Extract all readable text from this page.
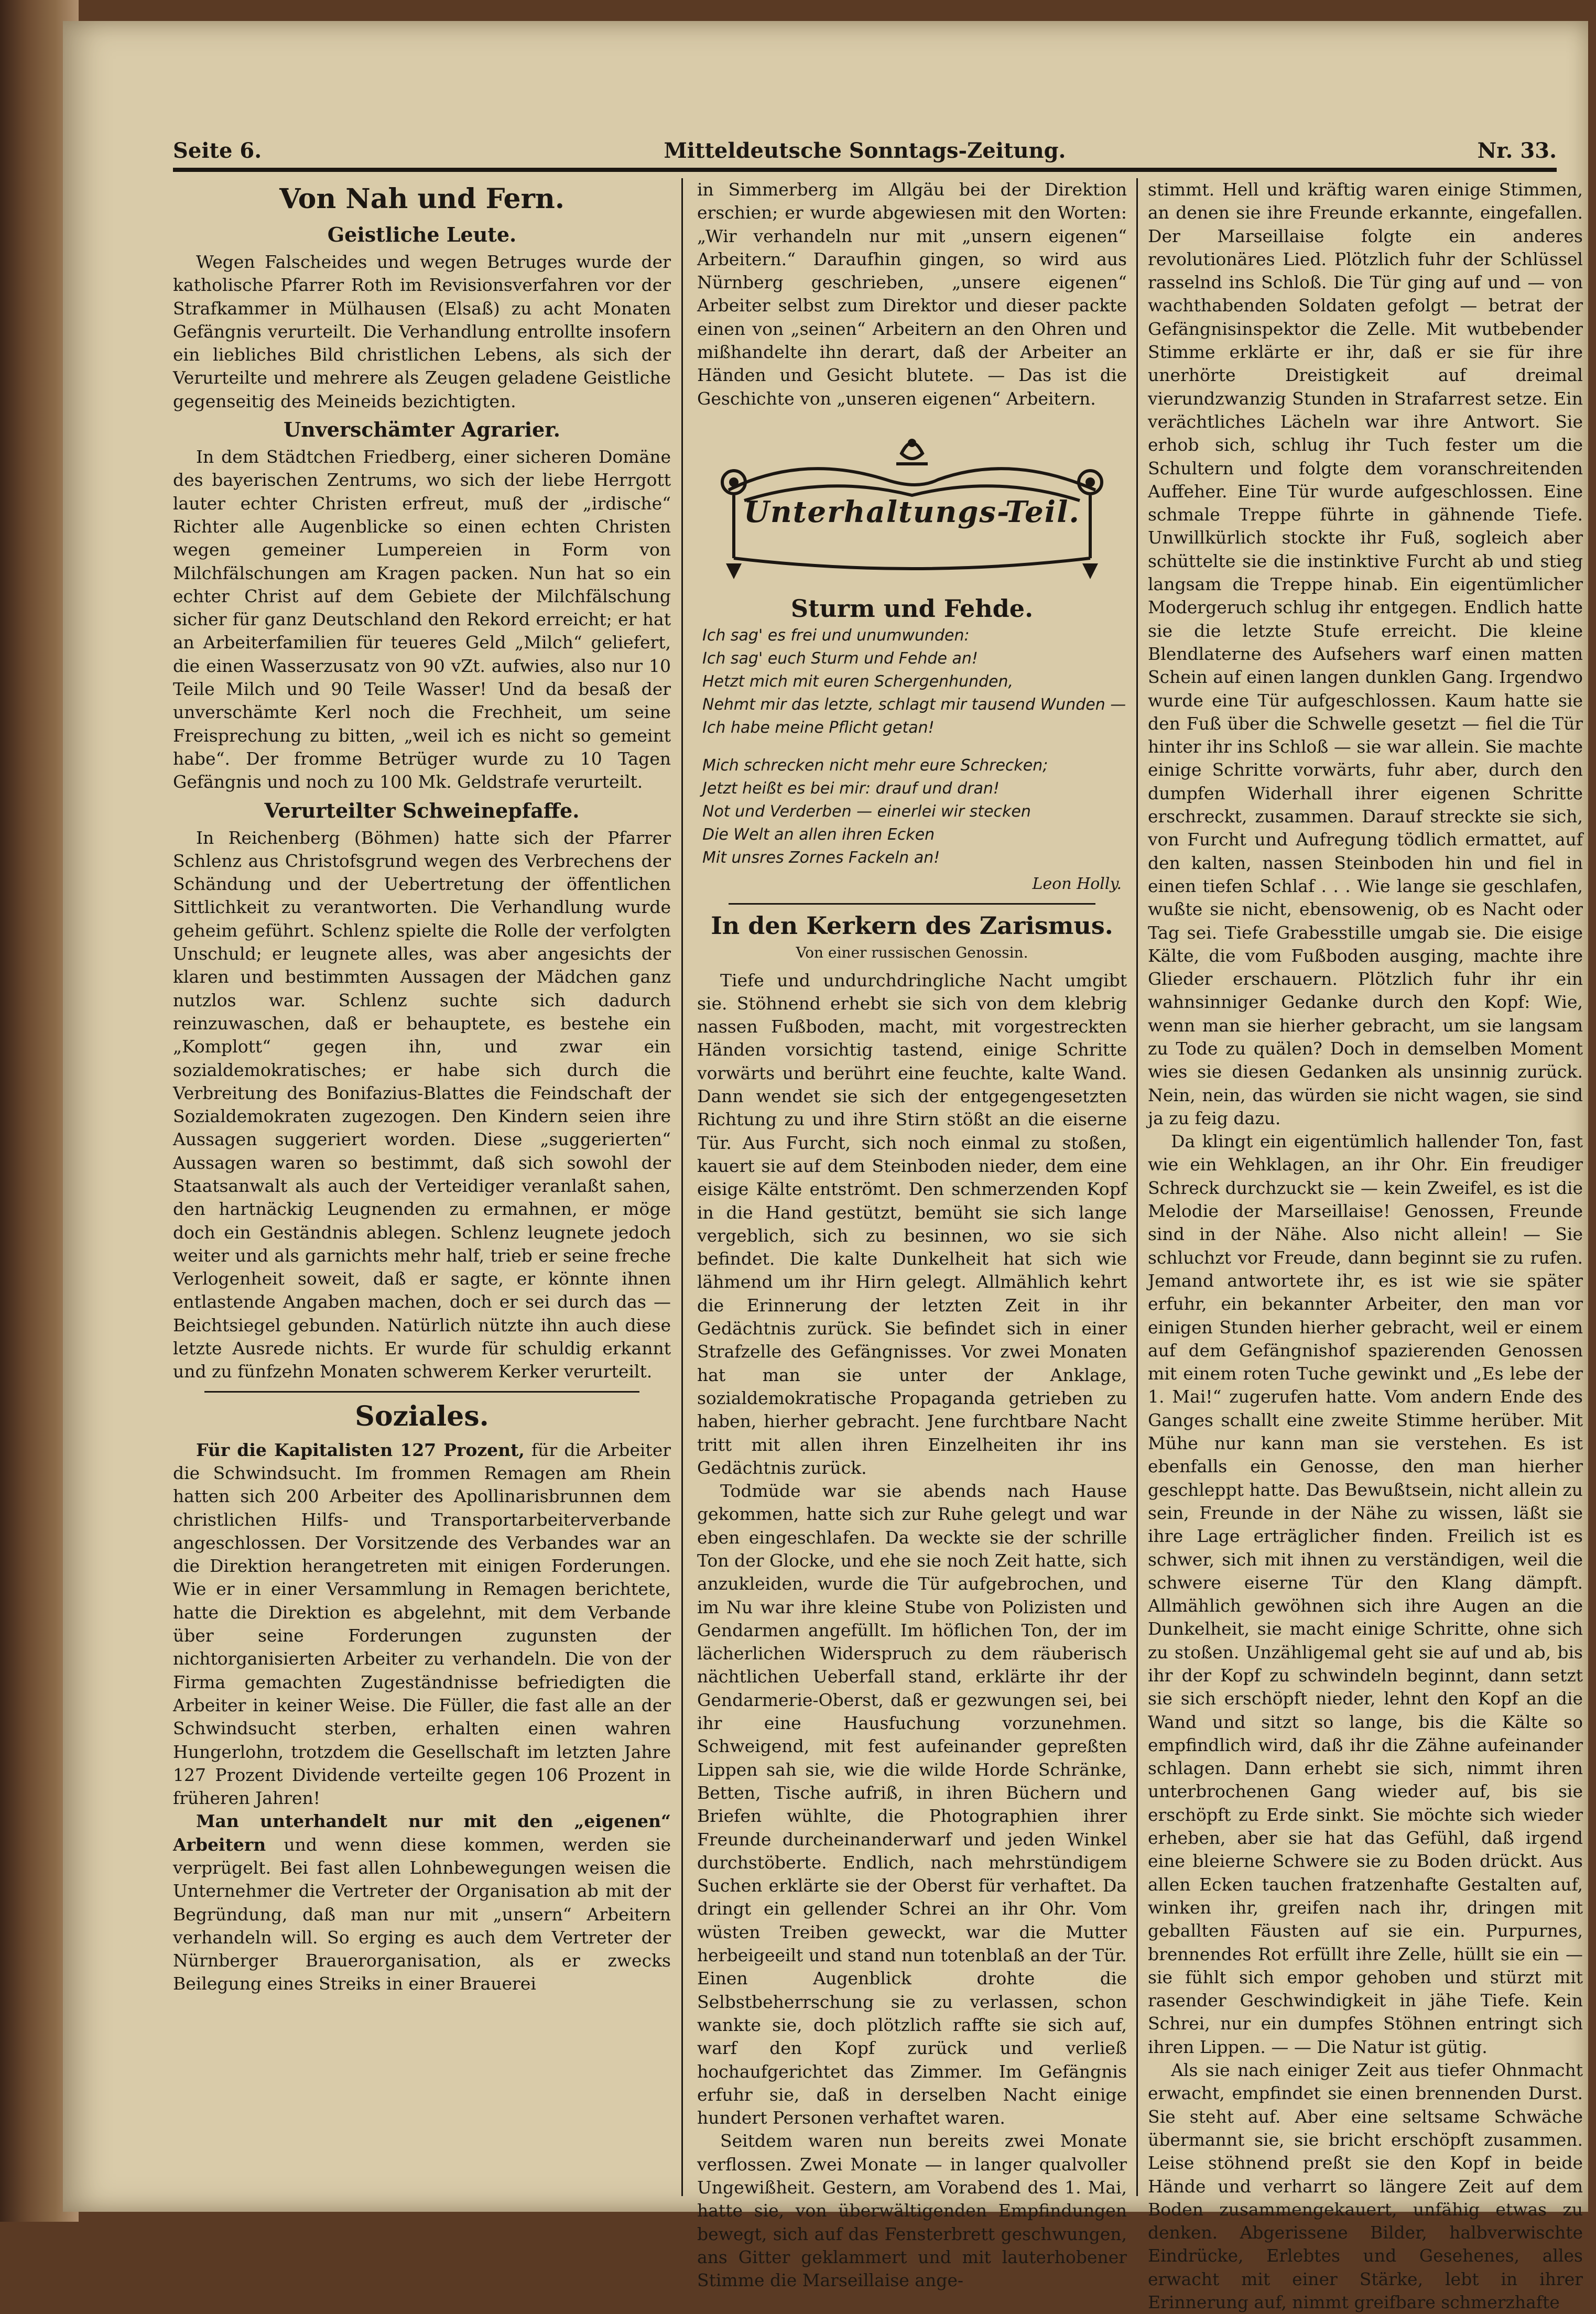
Seite 6.	Mitteldeutsche Sonntags-Zeitung.	Nr. 33.
Von Nah und Fern.
Geistliche Leute.

Wegen Falscheides und wegen Betruges wurde der katholische Pfarrer Roth im Revisionsverfahren vor der Strafkammer in Mülhausen (Elsaß) zu acht Monaten Gefängnis verurteilt. Die Verhandlung entrollte insofern ein liebliches Bild christlichen Lebens, als sich der Verurteilte und mehrere als Zeugen geladene Geistliche gegenseitig des Meineids bezichtigten.

Unverschämter Agrarier.

In dem Städtchen Friedberg, einer sicheren Domäne des bayerischen Zentrums, wo sich der liebe Herrgott lauter echter Christen erfreut, muß der „irdische“ Richter alle Augenblicke so einen echten Christen wegen gemeiner Lumpereien in Form von Milchfälschungen am Kragen packen. Nun hat so ein echter Christ auf dem Gebiete der Milchfälschung sicher für ganz Deutschland den Rekord erreicht; er hat an Arbeiterfamilien für teueres Geld „Milch“ geliefert, die einen Wasserzusatz von 90 vZt. aufwies, also nur 10 Teile Milch und 90 Teile Wasser! Und da besaß der unverschämte Kerl noch die Frechheit, um seine Freisprechung zu bitten, „weil ich es nicht so gemeint habe“. Der fromme Betrüger wurde zu 10 Tagen Gefängnis und noch zu 100 Mk. Geldstrafe verurteilt.

Verurteilter Schweinepfaffe.

In Reichenberg (Böhmen) hatte sich der Pfarrer Schlenz aus Christofsgrund wegen des Verbrechens der Schändung und der Uebertretung der öffentlichen Sittlichkeit zu verantworten. Die Verhandlung wurde geheim geführt. Schlenz spielte die Rolle der verfolgten Unschuld; er leugnete alles, was aber angesichts der klaren und bestimmten Aussagen der Mädchen ganz nutzlos war. Schlenz suchte sich dadurch reinzuwaschen, daß er behauptete, es bestehe ein „Komplott“ gegen ihn, und zwar ein sozialdemokratisches; er habe sich durch die Verbreitung des Bonifazius-Blattes die Feindschaft der Sozialdemokraten zugezogen. Den Kindern seien ihre Aussagen suggeriert worden. Diese „suggerierten“ Aussagen waren so bestimmt, daß sich sowohl der Staatsanwalt als auch der Verteidiger veranlaßt sahen, den hartnäckig Leugnenden zu ermahnen, er möge doch ein Geständnis ablegen. Schlenz leugnete jedoch weiter und als garnichts mehr half, trieb er seine freche Verlogenheit soweit, daß er sagte, er könnte ihnen entlastende Angaben machen, doch er sei durch das — Beichtsiegel gebunden. Natürlich nützte ihn auch diese letzte Ausrede nichts. Er wurde für schuldig erkannt und zu fünfzehn Monaten schwerem Kerker verurteilt.

Soziales.

Für die Kapitalisten 127 Prozent, für die Arbeiter die Schwindsucht. Im frommen Remagen am Rhein hatten sich 200 Arbeiter des Apollinarisbrunnen dem christlichen Hilfs- und Transportarbeiterverbande angeschlossen. Der Vorsitzende des Verbandes war an die Direktion herangetreten mit einigen Forderungen. Wie er in einer Versammlung in Remagen berichtete, hatte die Direktion es abgelehnt, mit dem Verbande über seine Forderungen zugunsten der nichtorganisierten Arbeiter zu verhandeln. Die von der Firma gemachten Zugeständnisse befriedigten die Arbeiter in keiner Weise. Die Füller, die fast alle an der Schwindsucht sterben, erhalten einen wahren Hungerlohn, trotzdem die Gesellschaft im letzten Jahre 127 Prozent Dividende verteilte gegen 106 Prozent in früheren Jahren!

Man unterhandelt nur mit den „eigenen“ Arbeitern und wenn diese kommen, werden sie verprügelt. Bei fast allen Lohnbewegungen weisen die Unternehmer die Vertreter der Organisation ab mit der Begründung, daß man nur mit „unsern“ Arbeitern verhandeln will. So erging es auch dem Vertreter der Nürnberger Brauerorganisation, als er zwecks Beilegung eines Streiks in einer Brauerei

in Simmerberg im Allgäu bei der Direktion erschien; er wurde abgewiesen mit den Worten: „Wir verhandeln nur mit „unsern eigenen“ Arbeitern.“ Daraufhin gingen, so wird aus Nürnberg geschrieben, „unsere eigenen“ Arbeiter selbst zum Direktor und dieser packte einen von „seinen“ Arbeitern an den Ohren und mißhandelte ihn derart, daß der Arbeiter an Händen und Gesicht blutete. — Das ist die Geschichte von „unseren eigenen“ Arbeitern.

Unterhaltungs-Teil.
Sturm und Fehde.
Ich sag' es frei und unumwunden:
Ich sag' euch Sturm und Fehde an!
Hetzt mich mit euren Schergenhunden,
Nehmt mir das letzte, schlagt mir tausend Wunden —
Ich habe meine Pflicht getan!
Mich schrecken nicht mehr eure Schrecken;
Jetzt heißt es bei mir: drauf und dran!
Not und Verderben — einerlei wir stecken
Die Welt an allen ihren Ecken
Mit unsres Zornes Fackeln an!
Leon Holly.
In den Kerkern des Zarismus.
Von einer russischen Genossin.

Tiefe und undurchdringliche Nacht umgibt sie. Stöhnend erhebt sie sich von dem klebrig nassen Fußboden, macht, mit vorgestreckten Händen vorsichtig tastend, einige Schritte vorwärts und berührt eine feuchte, kalte Wand. Dann wendet sie sich der entgegengesetzten Richtung zu und ihre Stirn stößt an die eiserne Tür. Aus Furcht, sich noch einmal zu stoßen, kauert sie auf dem Steinboden nieder, dem eine eisige Kälte entströmt. Den schmerzenden Kopf in die Hand gestützt, bemüht sie sich lange vergeblich, sich zu besinnen, wo sie sich befindet. Die kalte Dunkelheit hat sich wie lähmend um ihr Hirn gelegt. Allmählich kehrt die Erinnerung der letzten Zeit in ihr Gedächtnis zurück. Sie befindet sich in einer Strafzelle des Gefängnisses. Vor zwei Monaten hat man sie unter der Anklage, sozialdemokratische Propaganda getrieben zu haben, hierher gebracht. Jene furchtbare Nacht tritt mit allen ihren Einzelheiten ihr ins Gedächtnis zurück.

Todmüde war sie abends nach Hause gekommen, hatte sich zur Ruhe gelegt und war eben eingeschlafen. Da weckte sie der schrille Ton der Glocke, und ehe sie noch Zeit hatte, sich anzukleiden, wurde die Tür aufgebrochen, und im Nu war ihre kleine Stube von Polizisten und Gendarmen angefüllt. Im höflichen Ton, der im lächerlichen Widerspruch zu dem räuberisch nächtlichen Ueberfall stand, erklärte ihr der Gendarmerie-Oberst, daß er gezwungen sei, bei ihr eine Hausfuchung vorzunehmen. Schweigend, mit fest aufeinander gepreßten Lippen sah sie, wie die wilde Horde Schränke, Betten, Tische aufriß, in ihren Büchern und Briefen wühlte, die Photographien ihrer Freunde durcheinanderwarf und jeden Winkel durchstöberte. Endlich, nach mehrstündigem Suchen erklärte sie der Oberst für verhaftet. Da dringt ein gellender Schrei an ihr Ohr. Vom wüsten Treiben geweckt, war die Mutter herbeigeeilt und stand nun totenblaß an der Tür. Einen Augenblick drohte die Selbstbeherrschung sie zu verlassen, schon wankte sie, doch plötzlich raffte sie sich auf, warf den Kopf zurück und verließ hochaufgerichtet das Zimmer. Im Gefängnis erfuhr sie, daß in derselben Nacht einige hundert Personen verhaftet waren.

Seitdem waren nun bereits zwei Monate verflossen. Zwei Monate — in langer qualvoller Ungewißheit. Gestern, am Vorabend des 1. Mai, hatte sie, von überwältigenden Empfindungen bewegt, sich auf das Fensterbrett geschwungen, ans Gitter geklammert und mit lauterhobener Stimme die Marseillaise ange-

stimmt. Hell und kräftig waren einige Stimmen, an denen sie ihre Freunde erkannte, eingefallen. Der Marseillaise folgte ein anderes revolutionäres Lied. Plötzlich fuhr der Schlüssel rasselnd ins Schloß. Die Tür ging auf und — von wachthabenden Soldaten gefolgt — betrat der Gefängnisinspektor die Zelle. Mit wutbebender Stimme erklärte er ihr, daß er sie für ihre unerhörte Dreistigkeit auf dreimal vierundzwanzig Stunden in Strafarrest setze. Ein verächtliches Lächeln war ihre Antwort. Sie erhob sich, schlug ihr Tuch fester um die Schultern und folgte dem voranschreitenden Auffeher. Eine Tür wurde aufgeschlossen. Eine schmale Treppe führte in gähnende Tiefe. Unwillkürlich stockte ihr Fuß, sogleich aber schüttelte sie die instinktive Furcht ab und stieg langsam die Treppe hinab. Ein eigentümlicher Modergeruch schlug ihr entgegen. Endlich hatte sie die letzte Stufe erreicht. Die kleine Blendlaterne des Aufsehers warf einen matten Schein auf einen langen dunklen Gang. Irgendwo wurde eine Tür aufgeschlossen. Kaum hatte sie den Fuß über die Schwelle gesetzt — fiel die Tür hinter ihr ins Schloß — sie war allein. Sie machte einige Schritte vorwärts, fuhr aber, durch den dumpfen Widerhall ihrer eigenen Schritte erschreckt, zusammen. Darauf streckte sie sich, von Furcht und Aufregung tödlich ermattet, auf den kalten, nassen Steinboden hin und fiel in einen tiefen Schlaf . . . Wie lange sie geschlafen, wußte sie nicht, ebensowenig, ob es Nacht oder Tag sei. Tiefe Grabesstille umgab sie. Die eisige Kälte, die vom Fußboden ausging, machte ihre Glieder erschauern. Plötzlich fuhr ihr ein wahnsinniger Gedanke durch den Kopf: Wie, wenn man sie hierher gebracht, um sie langsam zu Tode zu quälen? Doch in demselben Moment wies sie diesen Gedanken als unsinnig zurück. Nein, nein, das würden sie nicht wagen, sie sind ja zu feig dazu.

Da klingt ein eigentümlich hallender Ton, fast wie ein Wehklagen, an ihr Ohr. Ein freudiger Schreck durchzuckt sie — kein Zweifel, es ist die Melodie der Marseillaise! Genossen, Freunde sind in der Nähe. Also nicht allein! — Sie schluchzt vor Freude, dann beginnt sie zu rufen. Jemand antwortete ihr, es ist wie sie später erfuhr, ein bekannter Arbeiter, den man vor einigen Stunden hierher gebracht, weil er einem auf dem Gefängnishof spazierenden Genossen mit einem roten Tuche gewinkt und „Es lebe der 1. Mai!“ zugerufen hatte. Vom andern Ende des Ganges schallt eine zweite Stimme herüber. Mit Mühe nur kann man sie verstehen. Es ist ebenfalls ein Genosse, den man hierher geschleppt hatte. Das Bewußtsein, nicht allein zu sein, Freunde in der Nähe zu wissen, läßt sie ihre Lage erträglicher finden. Freilich ist es schwer, sich mit ihnen zu verständigen, weil die schwere eiserne Tür den Klang dämpft. Allmählich gewöhnen sich ihre Augen an die Dunkelheit, sie macht einige Schritte, ohne sich zu stoßen. Unzähligemal geht sie auf und ab, bis ihr der Kopf zu schwindeln beginnt, dann setzt sie sich erschöpft nieder, lehnt den Kopf an die Wand und sitzt so lange, bis die Kälte so empfindlich wird, daß ihr die Zähne aufeinander schlagen. Dann erhebt sie sich, nimmt ihren unterbrochenen Gang wieder auf, bis sie erschöpft zu Erde sinkt. Sie möchte sich wieder erheben, aber sie hat das Gefühl, daß irgend eine bleierne Schwere sie zu Boden drückt. Aus allen Ecken tauchen fratzenhafte Gestalten auf, winken ihr, greifen nach ihr, dringen mit geballten Fäusten auf sie ein. Purpurnes, brennendes Rot erfüllt ihre Zelle, hüllt sie ein — sie fühlt sich empor gehoben und stürzt mit rasender Geschwindigkeit in jähe Tiefe. Kein Schrei, nur ein dumpfes Stöhnen entringt sich ihren Lippen. — — Die Natur ist gütig.

Als sie nach einiger Zeit aus tiefer Ohnmacht erwacht, empfindet sie einen brennenden Durst. Sie steht auf. Aber eine seltsame Schwäche übermannt sie, sie bricht erschöpft zusammen. Leise stöhnend preßt sie den Kopf in beide Hände und verharrt so längere Zeit auf dem Boden zusammengekauert, unfähig etwas zu denken. Abgerissene Bilder, halbverwischte Eindrücke, Erlebtes und Gesehenes, alles erwacht mit einer Stärke, lebt in ihrer Erinnerung auf, nimmt greifbare schmerzhafte
